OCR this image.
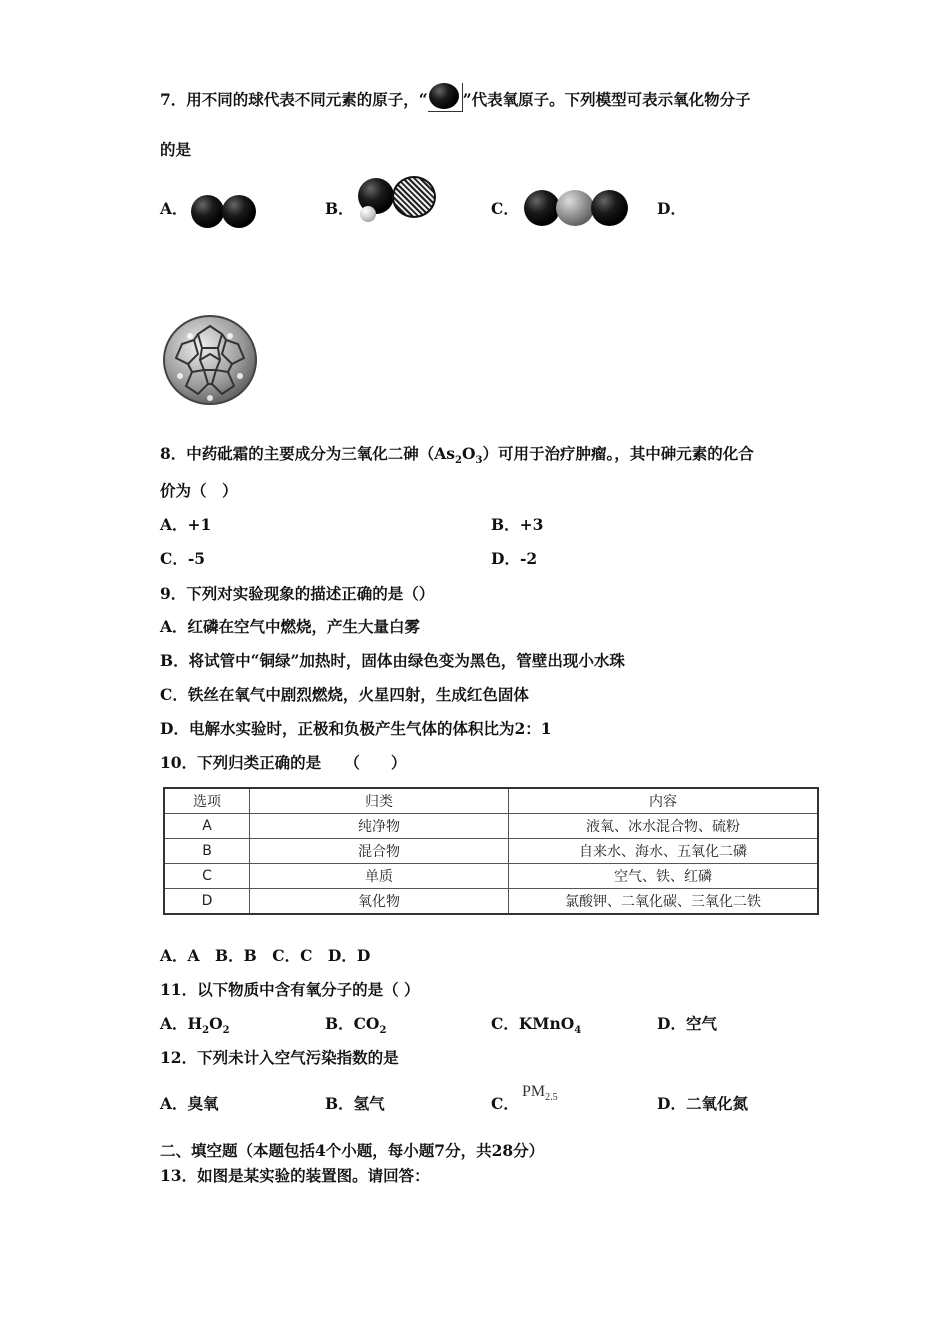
7．用不同的球代表不同元素的原子，“ ”代表氧原子。下列模型可表示氧化物分子
的是
A．	B．	C．	D．
8．中药砒霜的主要成分为三氧化二砷$(As_2O_3)$可用于治疗肿瘤。，其中砷元素的化合
价为（　）
A．+1	B．+3
C．-5	D．-2
9．下列对实验现象的描述正确的是（）
A．红磷在空气中燃烧，产生大量白雾
B．将试管中“铜绿”加热时，固体由绿色变为黑色，管壁出现小水珠
C．铁丝在氧气中剧烈燃烧，火星四射，生成红色固体
D．电解水实验时，正极和负极产生气体的体积比为2：1
10．下列归类正确的是　　（　　）
选项	归类	内容
A	纯净物	液氧、冰水混合物、硫粉
B	混合物	自来水、海水、五氧化二磷
C	单质	空气、铁、红磷
D	氧化物	氯酸钾、二氧化碳、三氧化二铁
A．A　B．B　C．C　D．D
11．以下物质中含有氧分子的是（ ）
A．$H_2O_2$	B．$CO_2$	C．KMnO$_4$	D．空气
12．下列未计入空气污染指数的是
A．臭氧	B．氢气	C．
$PM_{2.5}$	D．二氧化氮
二、填空题（本题包括4个小题，每小题7分，共28分）
13．如图是某实验的装置图。请回答：
